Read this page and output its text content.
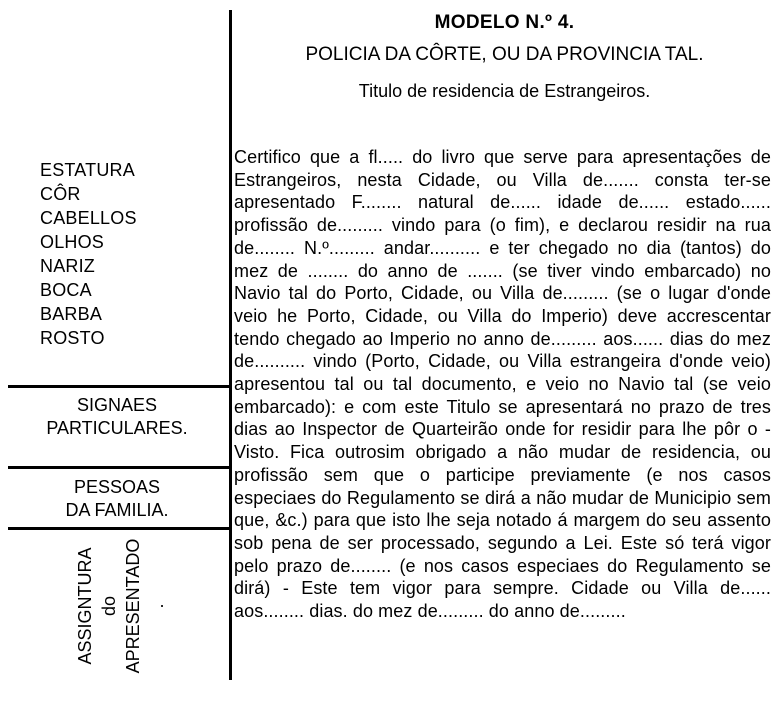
MODELO N.º 4.
POLICIA DA CÔRTE, OU DA PROVINCIA TAL.
Titulo de residencia de Estrangeiros.
ESTATURA
CÔR
CABELLOS
OLHOS
NARIZ
BOCA
BARBA
ROSTO
SIGNAES
PARTICULARES.
PESSOAS
DA FAMILIA.
ASSIGNTURA do APRESENTADO .
Certifico que a fl..... do livro que serve para apresentações de Estrangeiros, nesta Cidade, ou Villa de....... consta ter-se apresentado F........ natural de...... idade de...... estado...... profissão de......... vindo para (o fim), e declarou residir na rua de........ N.º......... andar.......... e ter chegado no dia (tantos) do mez de ........ do anno de ....... (se tiver vindo embarcado) no Navio tal do Porto, Cidade, ou Villa de......... (se o lugar d'onde veio he Porto, Cidade, ou Villa do Imperio) deve accrescentar tendo chegado ao Imperio no anno de......... aos...... dias do mez de.......... vindo (Porto, Cidade, ou Villa estrangeira d'onde veio) apresentou tal ou tal documento, e veio no Navio tal (se veio embarcado): e com este Titulo se apresentará no prazo de tres dias ao Inspector de Quarteirão onde for residir para lhe pôr o - Visto. Fica outrosim obrigado a não mudar de residencia, ou profissão sem que o participe previamente (e nos casos especiaes do Regulamento se dirá a não mudar de Municipio sem que, &c.) para que isto lhe seja notado á margem do seu assento sob pena de ser processado, segundo a Lei. Este só terá vigor pelo prazo de........ (e nos casos especiaes do Regulamento se dirá) - Este tem vigor para sempre. Cidade ou Villa de...... aos........ dias. do mez de......... do anno de.........
